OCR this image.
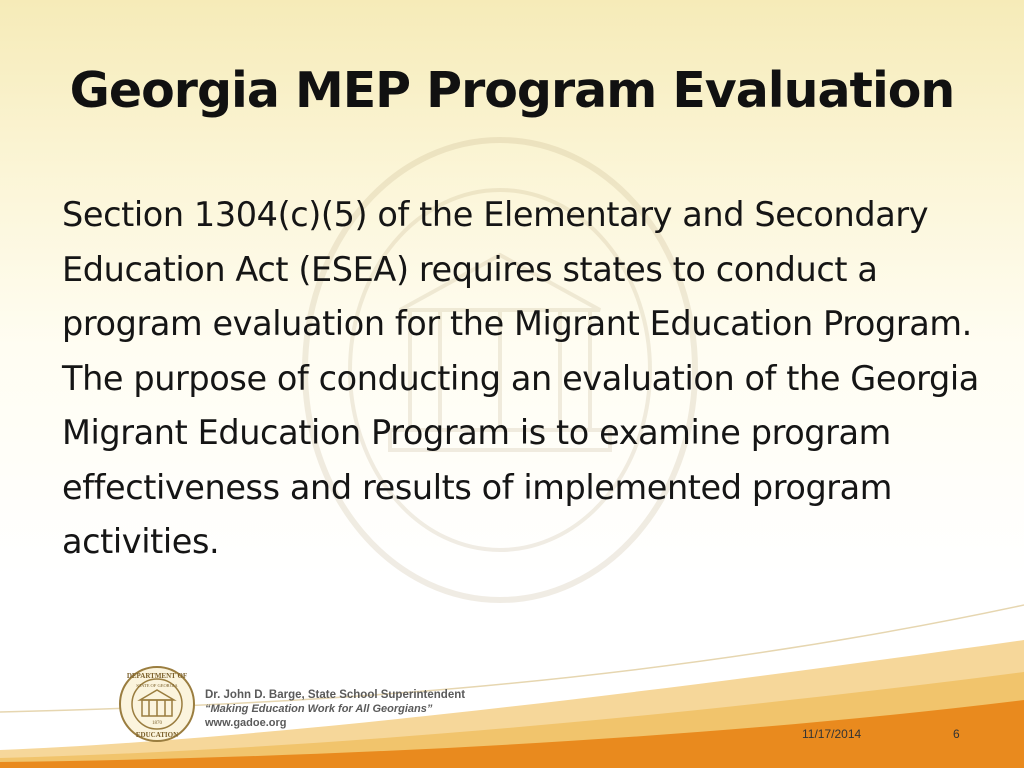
Georgia MEP Program Evaluation

Section 1304(c)(5) of the Elementary and Secondary Education Act (ESEA) requires states to conduct a program evaluation for the Migrant Education Program. The purpose of conducting an evaluation of the Georgia Migrant Education Program is to examine program effectiveness and results of implemented program activities.

DEPARTMENT OF
STATE OF GEORGIA
1870
EDUCATION
Dr. John D. Barge, State School Superintendent
“Making Education Work for All Georgians”
www.gadoe.org
11/17/2014	6
